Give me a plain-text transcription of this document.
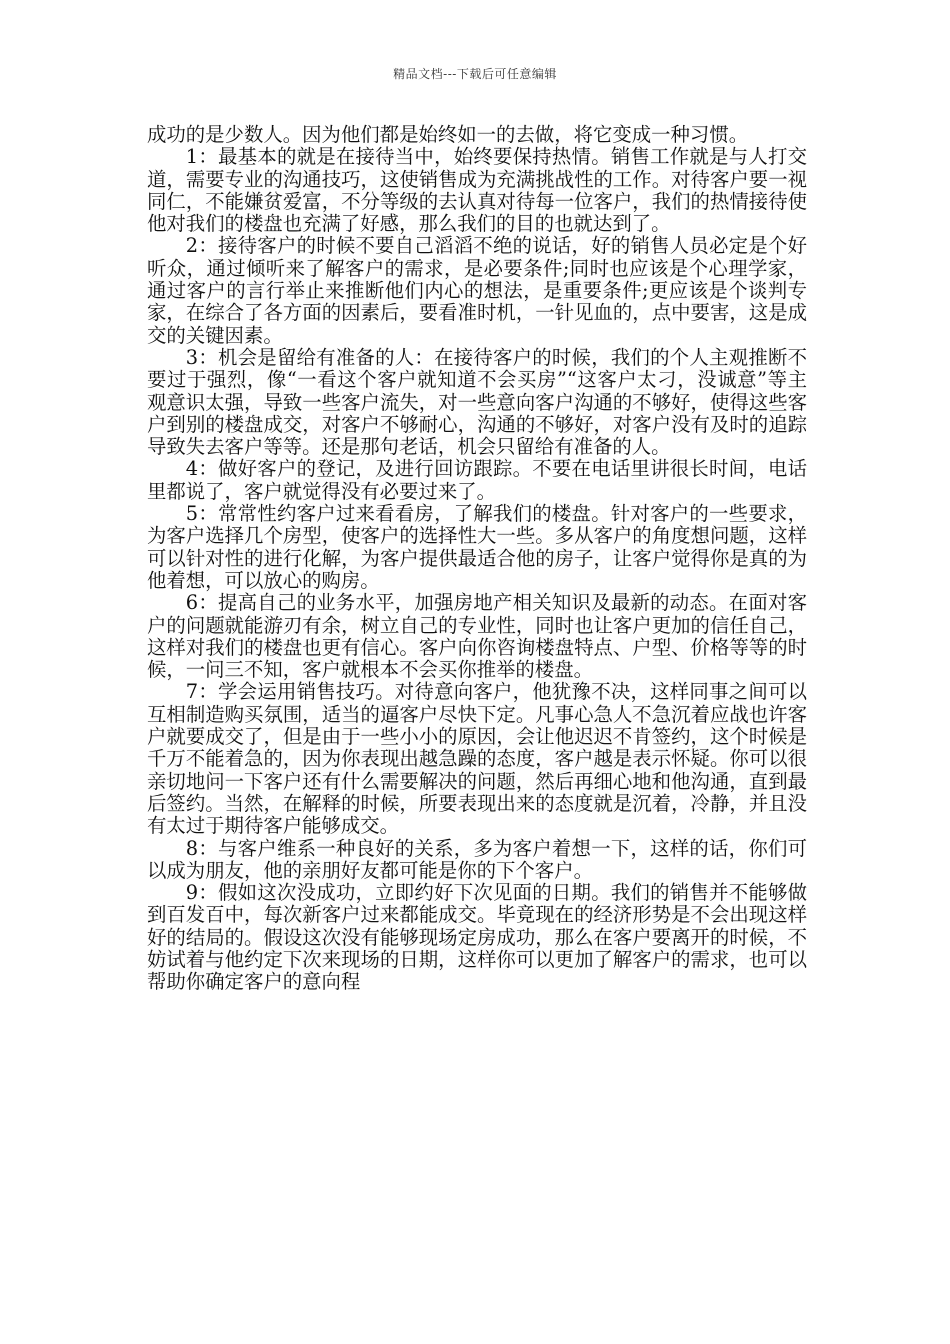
精品文档---下载后可任意编辑

成功的是少数人。因为他们都是始终如一的去做，将它变成一种习惯。

1：最基本的就是在接待当中，始终要保持热情。销售工作就是与人打交道，需要专业的沟通技巧，这使销售成为充满挑战性的工作。对待客户要一视同仁，不能嫌贫爱富，不分等级的去认真对待每一位客户，我们的热情接待使他对我们的楼盘也充满了好感，那么我们的目的也就达到了。

2：接待客户的时候不要自己滔滔不绝的说话，好的销售人员必定是个好听众，通过倾听来了解客户的需求，是必要条件;同时也应该是个心理学家，通过客户的言行举止来推断他们内心的想法，是重要条件;更应该是个谈判专家，在综合了各方面的因素后，要看准时机，一针见血的，点中要害，这是成交的关键因素。

3：机会是留给有准备的人：在接待客户的时候，我们的个人主观推断不要过于强烈，像“一看这个客户就知道不会买房”“这客户太刁，没诚意”等主观意识太强，导致一些客户流失，对一些意向客户沟通的不够好，使得这些客户到别的楼盘成交，对客户不够耐心，沟通的不够好，对客户没有及时的追踪导致失去客户等等。还是那句老话，机会只留给有准备的人。

4：做好客户的登记，及进行回访跟踪。不要在电话里讲很长时间，电话里都说了，客户就觉得没有必要过来了。

5：常常性约客户过来看看房，了解我们的楼盘。针对客户的一些要求，为客户选择几个房型，使客户的选择性大一些。多从客户的角度想问题，这样可以针对性的进行化解，为客户提供最适合他的房子，让客户觉得你是真的为他着想，可以放心的购房。

6：提高自己的业务水平，加强房地产相关知识及最新的动态。在面对客户的问题就能游刃有余，树立自己的专业性，同时也让客户更加的信任自己，这样对我们的楼盘也更有信心。客户向你咨询楼盘特点、户型、价格等等的时候，一问三不知，客户就根本不会买你推举的楼盘。

7：学会运用销售技巧。对待意向客户，他犹豫不决，这样同事之间可以互相制造购买氛围，适当的逼客户尽快下定。凡事心急人不急沉着应战也许客户就要成交了，但是由于一些小小的原因，会让他迟迟不肯签约，这个时候是千万不能着急的，因为你表现出越急躁的态度，客户越是表示怀疑。你可以很亲切地问一下客户还有什么需要解决的问题，然后再细心地和他沟通，直到最后签约。当然，在解释的时候，所要表现出来的态度就是沉着，冷静，并且没有太过于期待客户能够成交。

8：与客户维系一种良好的关系，多为客户着想一下，这样的话，你们可以成为朋友，他的亲朋好友都可能是你的下个客户。

9：假如这次没成功，立即约好下次见面的日期。我们的销售并不能够做到百发百中，每次新客户过来都能成交。毕竟现在的经济形势是不会出现这样好的结局的。假设这次没有能够现场定房成功，那么在客户要离开的时候，不妨试着与他约定下次来现场的日期，这样你可以更加了解客户的需求，也可以帮助你确定客户的意向程
